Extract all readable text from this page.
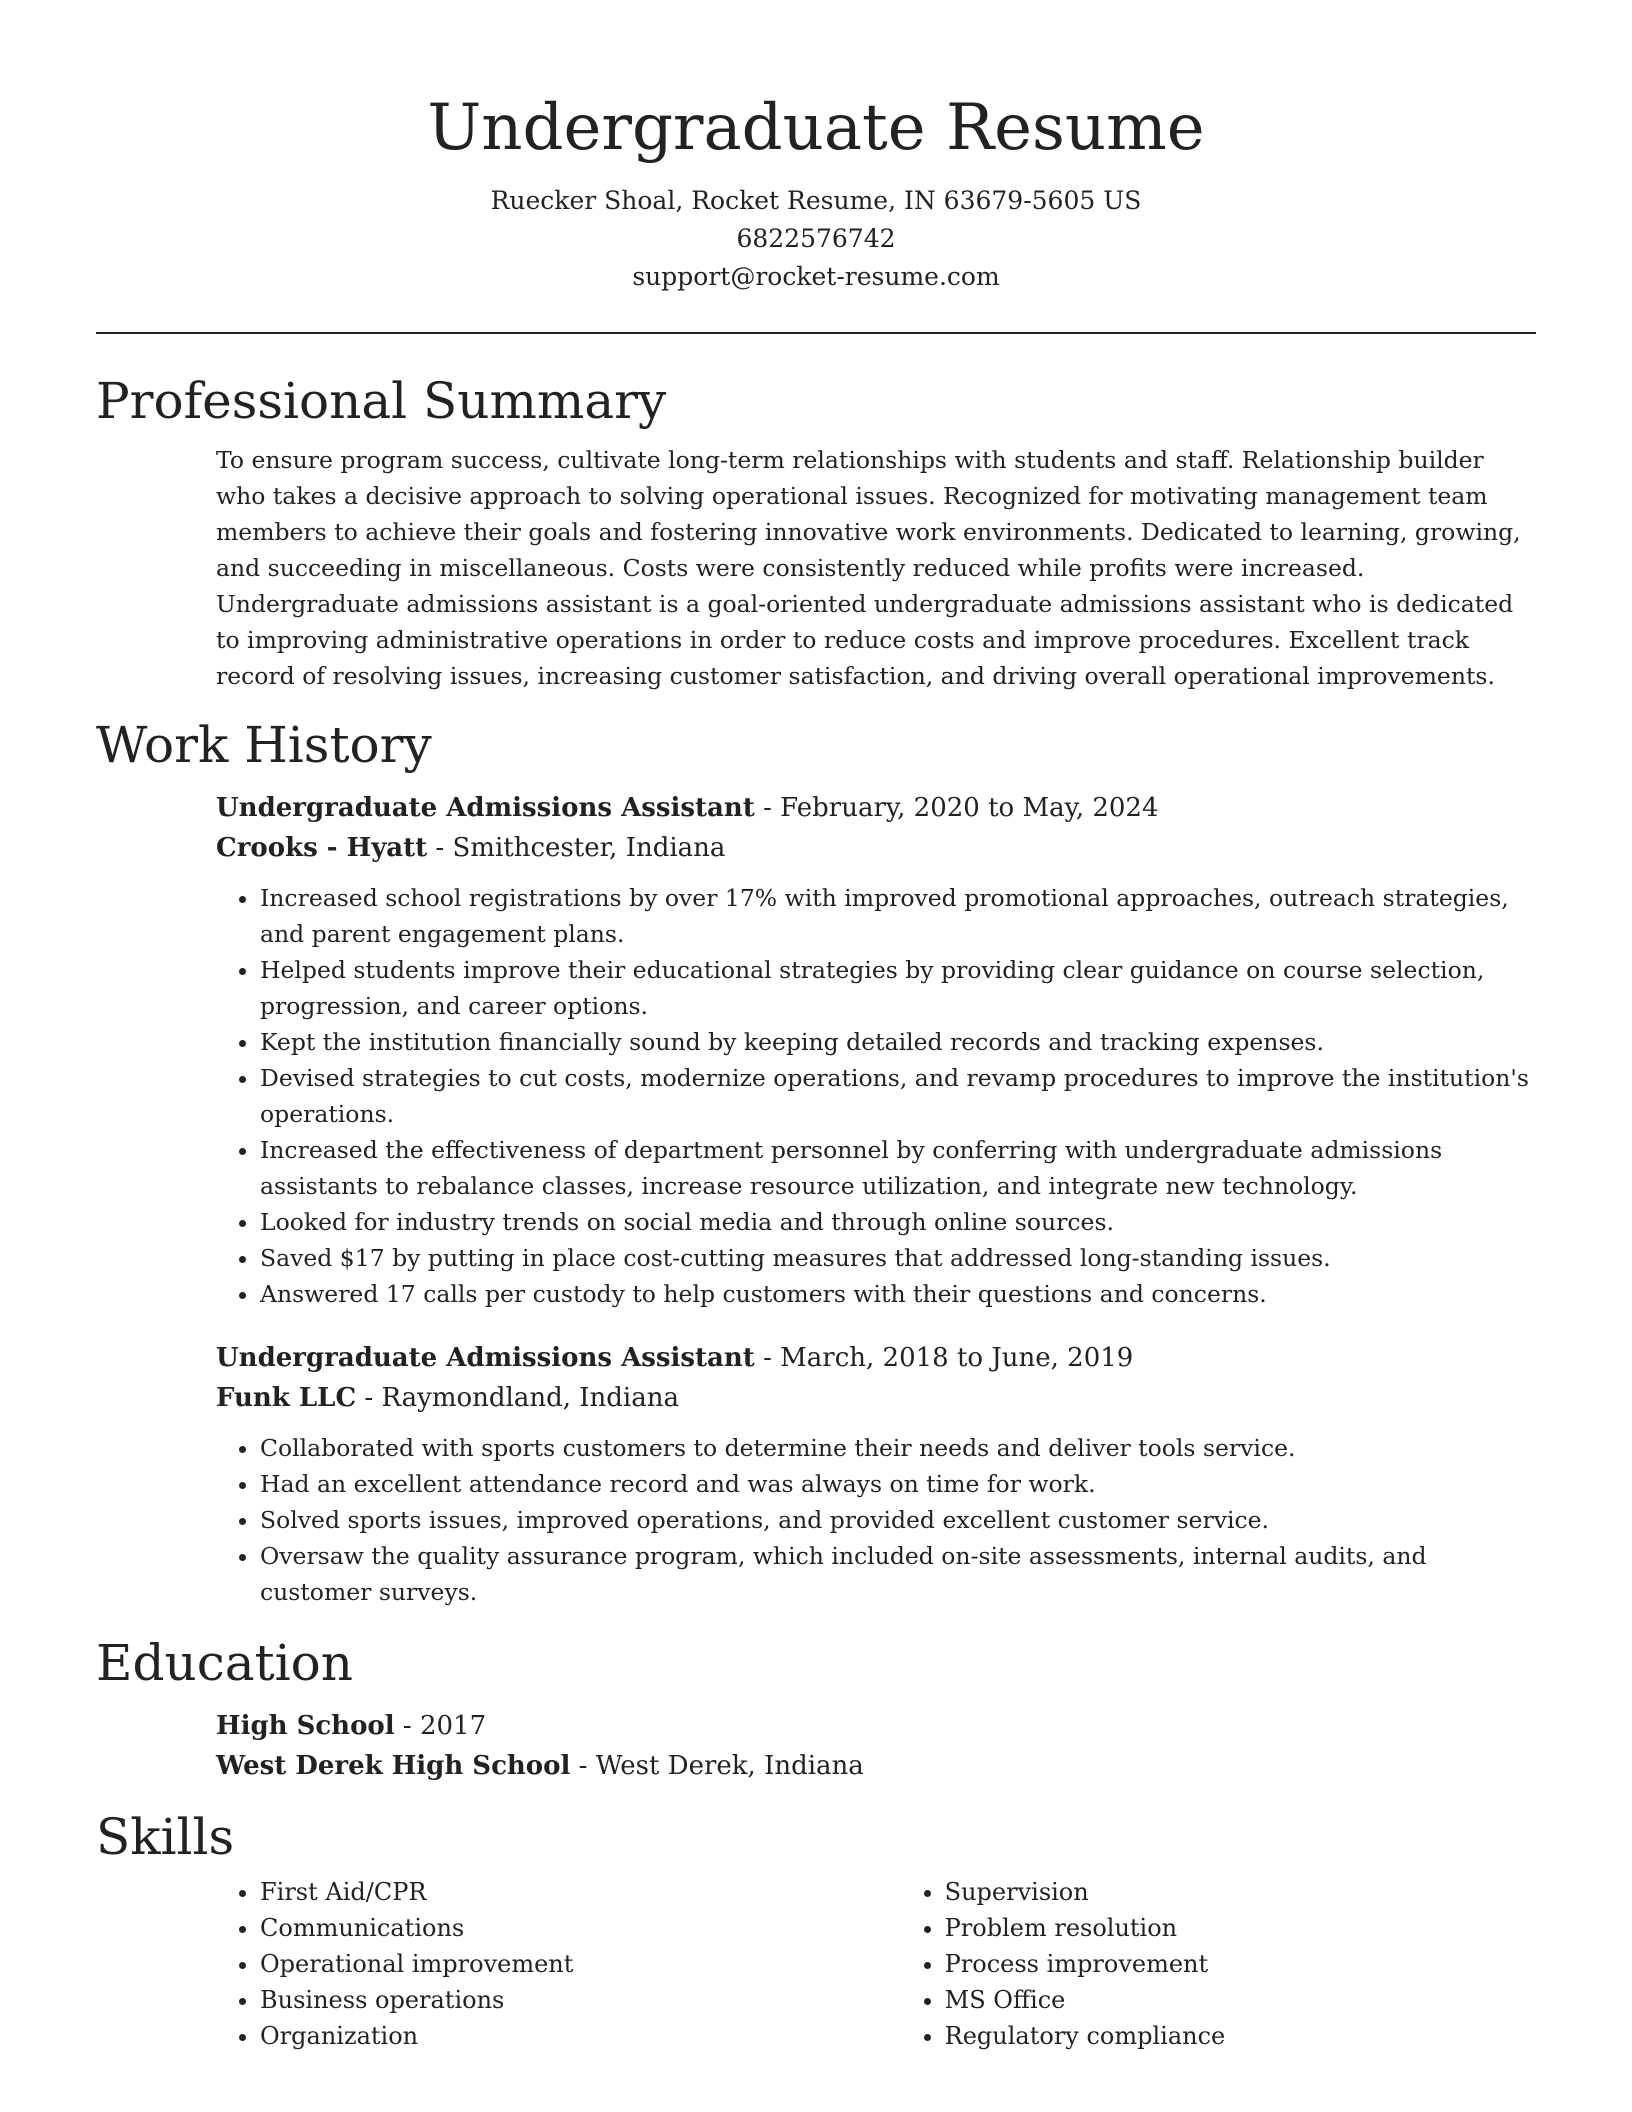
Undergraduate Resume
Ruecker Shoal, Rocket Resume, IN 63679-5605 US
6822576742
support@rocket-resume.com
Professional Summary

To ensure program success, cultivate long-term relationships with students and staff. Relationship builder who takes a decisive approach to solving operational issues. Recognized for motivating management team members to achieve their goals and fostering innovative work environments. Dedicated to learning, growing, and succeeding in miscellaneous. Costs were consistently reduced while profits were increased. Undergraduate admissions assistant is a goal-oriented undergraduate admissions assistant who is dedicated to improving administrative operations in order to reduce costs and improve procedures. Excellent track record of resolving issues, increasing customer satisfaction, and driving overall operational improvements.

Work History
Undergraduate Admissions Assistant - February, 2020 to May, 2024
Crooks - Hyatt - Smithcester, Indiana
• Increased school registrations by over 17% with improved promotional approaches, outreach strategies, and parent engagement plans.
• Helped students improve their educational strategies by providing clear guidance on course selection, progression, and career options.
• Kept the institution financially sound by keeping detailed records and tracking expenses.
• Devised strategies to cut costs, modernize operations, and revamp procedures to improve the institution's operations.
• Increased the effectiveness of department personnel by conferring with undergraduate admissions assistants to rebalance classes, increase resource utilization, and integrate new technology.
• Looked for industry trends on social media and through online sources.
• Saved $17 by putting in place cost-cutting measures that addressed long-standing issues.
• Answered 17 calls per custody to help customers with their questions and concerns.
Undergraduate Admissions Assistant - March, 2018 to June, 2019
Funk LLC - Raymondland, Indiana
• Collaborated with sports customers to determine their needs and deliver tools service.
• Had an excellent attendance record and was always on time for work.
• Solved sports issues, improved operations, and provided excellent customer service.
• Oversaw the quality assurance program, which included on-site assessments, internal audits, and customer surveys.
Education
High School - 2017
West Derek High School - West Derek, Indiana
Skills
• First Aid/CPR
• Communications
• Operational improvement
• Business operations
• Organization
• Supervision
• Problem resolution
• Process improvement
• MS Office
• Regulatory compliance
